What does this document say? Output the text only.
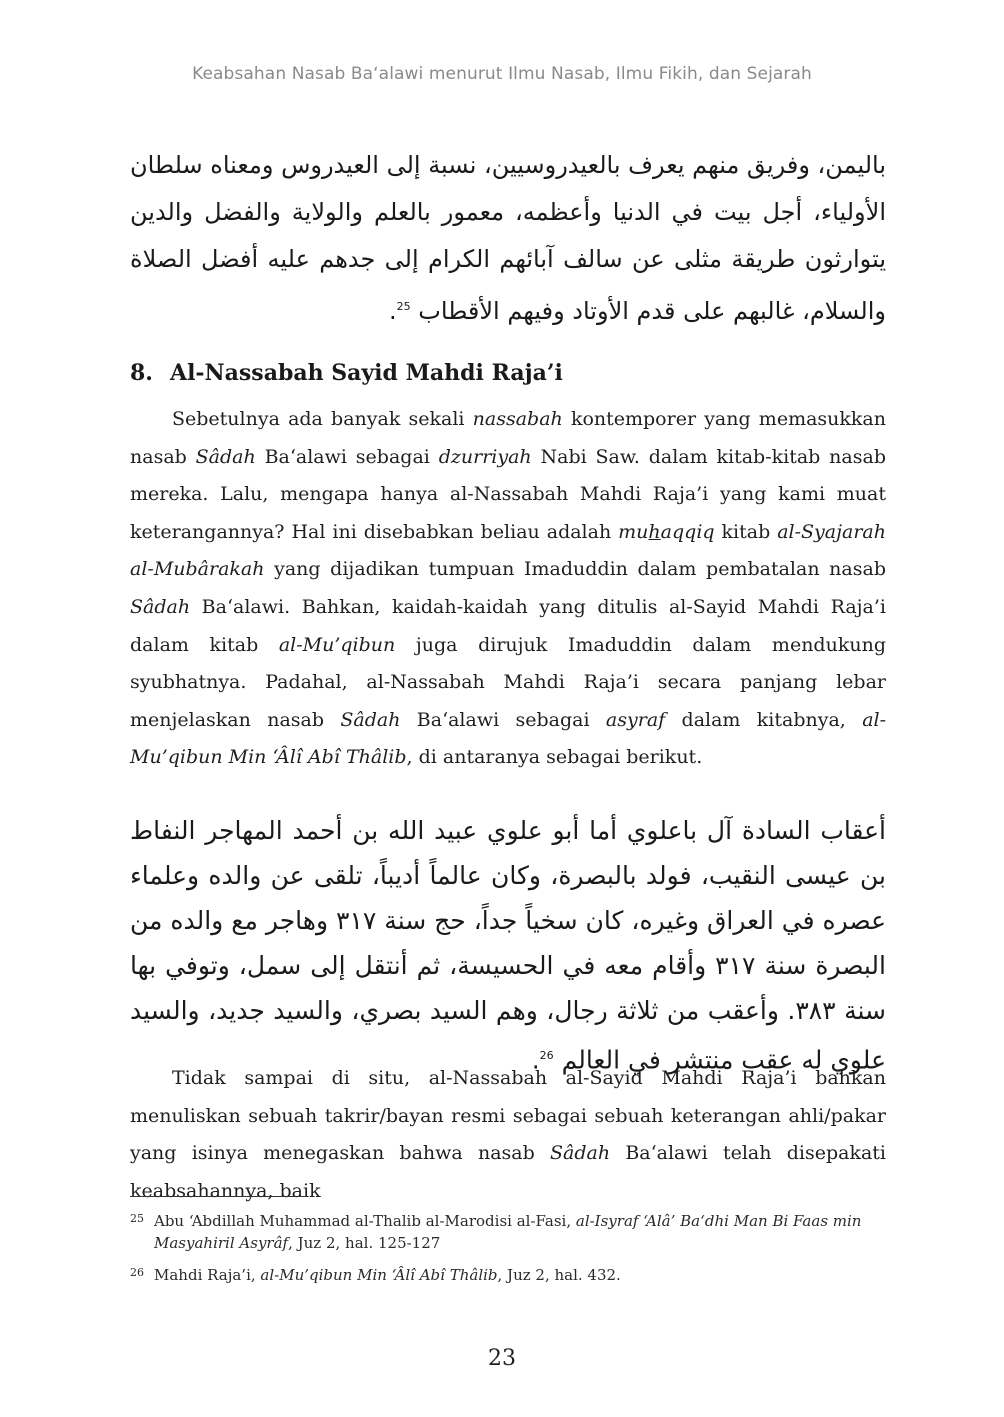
Keabsahan Nasab Ba‘alawi menurut Ilmu Nasab, Ilmu Fikih, dan Sejarah

باليمن، وفريق منهم يعرف بالعيدروسيين، نسبة إلى العيدروس ومعناه سلطان الأولياء، أجل بيت في الدنيا وأعظمه، معمور بالعلم والولاية والفضل والدين يتوارثون طريقة مثلى عن سالف آبائهم الكرام إلى جدهم عليه أفضل الصلاة والسلام، غالبهم على قدم الأوتاد وفيهم الأقطاب $^{25}$.

8. Al-Nassabah Sayid Mahdi Raja’i

Sebetulnya ada banyak sekali nassabah kontemporer yang memasukkan nasab Sâdah Ba‘alawi sebagai dzurriyah Nabi Saw. dalam kitab-kitab nasab mereka. Lalu, mengapa hanya al-Nassabah Mahdi Raja’i yang kami muat keterangannya? Hal ini disebabkan beliau adalah muhaqqiq kitab al-Syajarah al-Mubârakah yang dijadikan tumpuan Imaduddin dalam pembatalan nasab Sâdah Ba‘alawi. Bahkan, kaidah-kaidah yang ditulis al-Sayid Mahdi Raja’i dalam kitab al-Mu’qibun juga dirujuk Imaduddin dalam mendukung syubhatnya. Padahal, al-Nassabah Mahdi Raja’i secara panjang lebar menjelaskan nasab Sâdah Ba‘alawi sebagai asyraf dalam kitabnya, al-Mu’qibun Min ‘Âlî Abî Thâlib, di antaranya sebagai berikut.

أعقاب السادة آل باعلوي أما أبو علوي عبيد الله بن أحمد المهاجر النفاط بن عيسى النقيب، فولد بالبصرة، وكان عالماً أديباً، تلقى عن والده وعلماء عصره في العراق وغيره، كان سخياً جداً، حج سنة ٣١٧ وهاجر مع والده من البصرة سنة ٣١٧ وأقام معه في الحسيسة، ثم أنتقل إلى سمل، وتوفي بها سنة ٣٨٣. وأعقب من ثلاثة رجال، وهم السيد بصري، والسيد جديد، والسيد علوي له عقب منتشر في العالم $^{26}$.

Tidak sampai di situ, al-Nassabah al-Sayid Mahdi Raja’i bahkan menuliskan sebuah takrir/bayan resmi sebagai sebuah keterangan ahli/pakar yang isinya menegaskan bahwa nasab Sâdah Ba‘alawi telah disepakati keabsahannya, baik

25 Abu ‘Abdillah Muhammad al-Thalib al-Marodisi al-Fasi, al-Isyraf ‘Alâ’ Ba‘dhi Man Bi Faas min Masyahiril Asyrâf, Juz 2, hal. 125-127
26 Mahdi Raja’i, al-Mu’qibun Min ‘Âlî Abî Thâlib, Juz 2, hal. 432.
23
